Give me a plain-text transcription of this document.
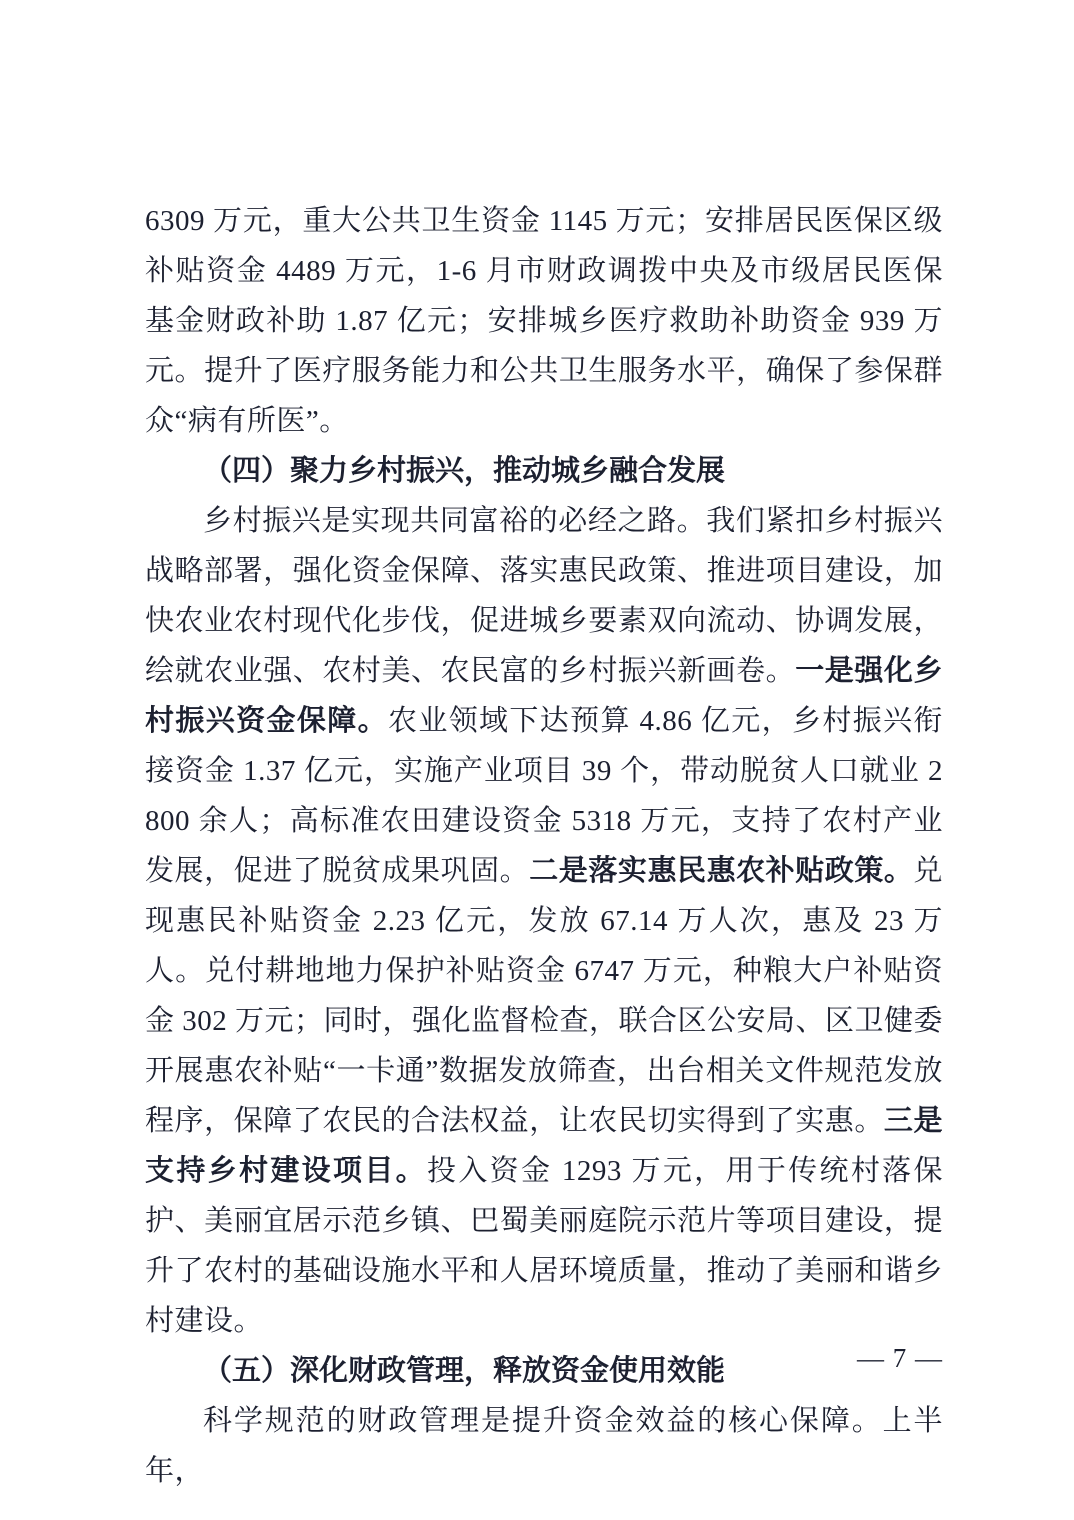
6309 万元，重大公共卫生资金 1145 万元；安排居民医保区级补贴资金 4489 万元，1-6 月市财政调拨中央及市级居民医保基金财政补助 1.87 亿元；安排城乡医疗救助补助资金 939 万元。提升了医疗服务能力和公共卫生服务水平，确保了参保群众“病有所医”。

（四）聚力乡村振兴，推动城乡融合发展

乡村振兴是实现共同富裕的必经之路。我们紧扣乡村振兴战略部署，强化资金保障、落实惠民政策、推进项目建设，加快农业农村现代化步伐，促进城乡要素双向流动、协调发展，绘就农业强、农村美、农民富的乡村振兴新画卷。一是强化乡村振兴资金保障。农业领域下达预算 4.86 亿元，乡村振兴衔接资金 1.37 亿元，实施产业项目 39 个，带动脱贫人口就业 2800 余人；高标准农田建设资金 5318 万元，支持了农村产业发展，促进了脱贫成果巩固。二是落实惠民惠农补贴政策。兑现惠民补贴资金 2.23 亿元，发放 67.14 万人次，惠及 23 万人。兑付耕地地力保护补贴资金 6747 万元，种粮大户补贴资金 302 万元；同时，强化监督检查，联合区公安局、区卫健委开展惠农补贴“一卡通”数据发放筛查，出台相关文件规范发放程序，保障了农民的合法权益，让农民切实得到了实惠。三是支持乡村建设项目。投入资金 1293 万元，用于传统村落保护、美丽宜居示范乡镇、巴蜀美丽庭院示范片等项目建设，提升了农村的基础设施水平和人居环境质量，推动了美丽和谐乡村建设。

（五）深化财政管理，释放资金使用效能

科学规范的财政管理是提升资金效益的核心保障。上半年，

— 7 —
